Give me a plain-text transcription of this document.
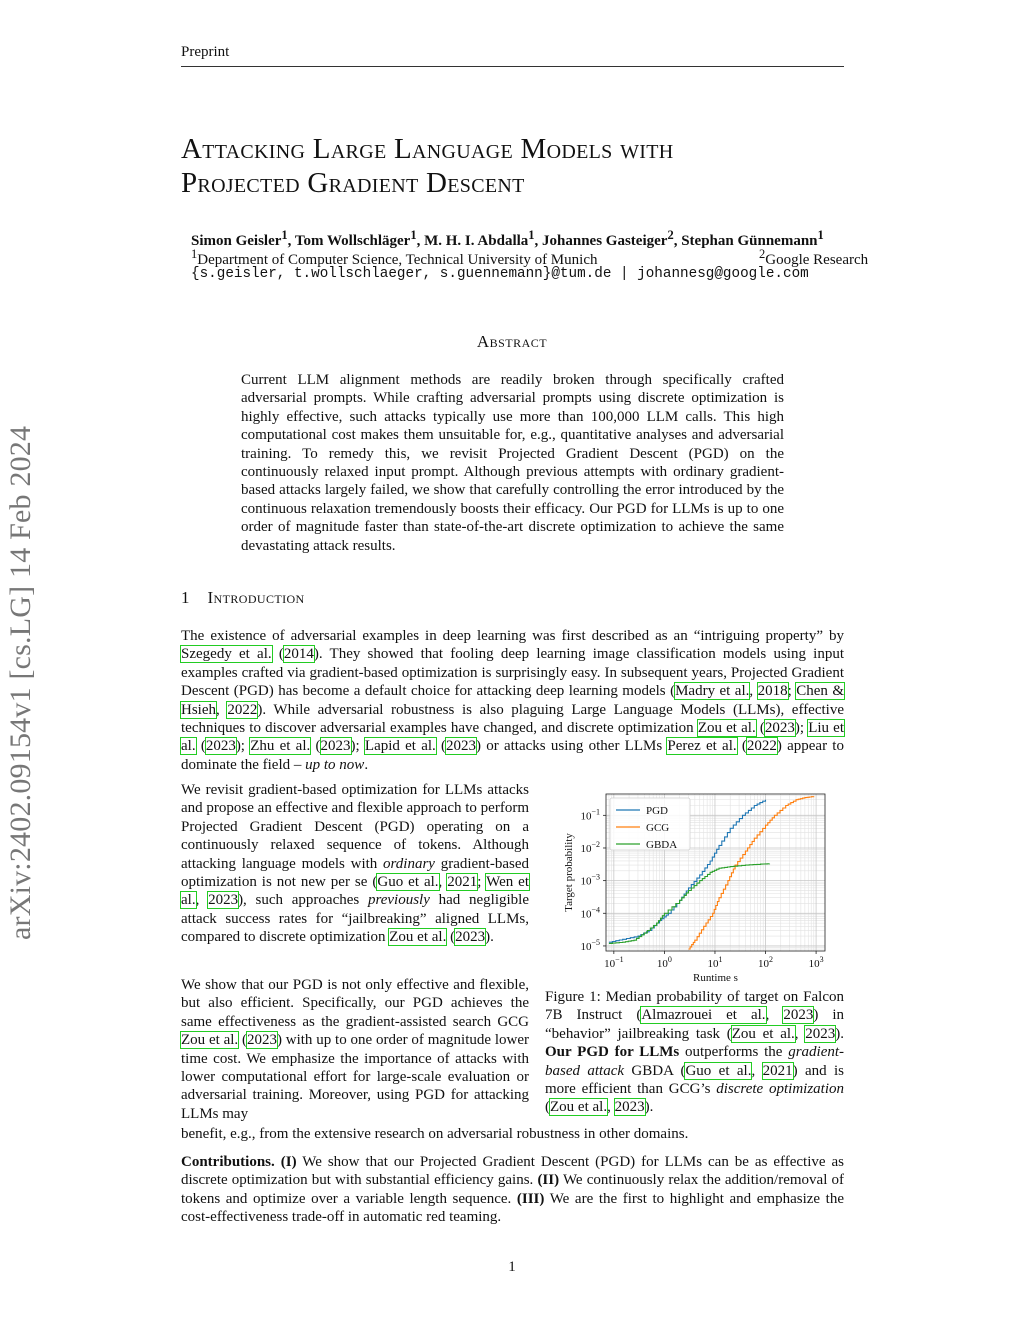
Preprint
arXiv:2402.09154v1 [cs.LG] 14 Feb 2024
Attacking Large Language Models with
Projected Gradient Descent
Simon Geisler$^1$, Tom Wollschläger$^1$, M. H. I. Abdalla$^1$, Johannes Gasteiger$^2$, Stephan Günnemann$^1$
$^1$Department of Computer Science, Technical University of Munich	$^2$Google Research
{s.geisler, t.wollschlaeger, s.guennemann}@tum.de | johannesg@google.com
Abstract
Current LLM alignment methods are readily broken through specifically crafted adversarial prompts. While crafting adversarial prompts using discrete optimization is highly effective, such attacks typically use more than 100,000 LLM calls. This high computational cost makes them unsuitable for, e.g., quantitative analyses and adversarial training. To remedy this, we revisit Projected Gradient Descent (PGD) on the continuously relaxed input prompt. Although previous attempts with ordinary gradient-based attacks largely failed, we show that carefully controlling the error introduced by the continuous relaxation tremendously boosts their efficacy. Our PGD for LLMs is up to one order of magnitude faster than state-of-the-art discrete optimization to achieve the same devastating attack results.
1 Introduction
The existence of adversarial examples in deep learning was first described as an “intriguing property” by Szegedy et al. (2014). They showed that fooling deep learning image classification models using input examples crafted via gradient-based optimization is surprisingly easy. In subsequent years, Projected Gradient Descent (PGD) has become a default choice for attacking deep learning models (Madry et al., 2018; Chen & Hsieh, 2022). While adversarial robustness is also plaguing Large Language Models (LLMs), effective techniques to discover adversarial examples have changed, and discrete optimization Zou et al. (2023); Liu et al. (2023); Zhu et al. (2023); Lapid et al. (2023) or attacks using other LLMs Perez et al. (2022) appear to dominate the field – up to now.
We revisit gradient-based optimization for LLMs attacks and propose an effective and flexible approach to perform Projected Gradient Descent (PGD) operating on a continuously relaxed sequence of tokens. Although attacking language models with ordinary gradient-based optimization is not new per se (Guo et al., 2021; Wen et al., 2023), such approaches previously had negligible attack success rates for “jailbreaking” aligned LLMs, compared to discrete optimization Zou et al. (2023).
We show that our PGD is not only effective and flexible, but also efficient. Specifically, our PGD achieves the same effectiveness as the gradient-assisted search GCG Zou et al. (2023) with up to one order of magnitude lower time cost. We emphasize the importance of attacks with lower computational effort for large-scale evaluation or adversarial training. Moreover, using PGD for attacking LLMs may
benefit, e.g., from the extensive research on adversarial robustness in other domains.
$10^{-1}$	$10^0$	$10^1$	$10^2$	$10^3$
$10^{-5}$
$10^{-4}$
$10^{-3}$
$10^{-2}$
$10^{-1}$	PGD
GCG
GBDA
Runtime s
Target probability
Figure 1: Median probability of target on Falcon 7B Instruct (Almazrouei et al., 2023) in “behavior” jailbreaking task (Zou et al., 2023). Our PGD for LLMs outperforms the gradient-based attack GBDA (Guo et al., 2021) and is more efficient than GCG’s discrete optimization (Zou et al., 2023).
Contributions. (I) We show that our Projected Gradient Descent (PGD) for LLMs can be as effective as discrete optimization but with substantial efficiency gains. (II) We continuously relax the addition/removal of tokens and optimize over a variable length sequence. (III) We are the first to highlight and emphasize the cost-effectiveness trade-off in automatic red teaming.
1
